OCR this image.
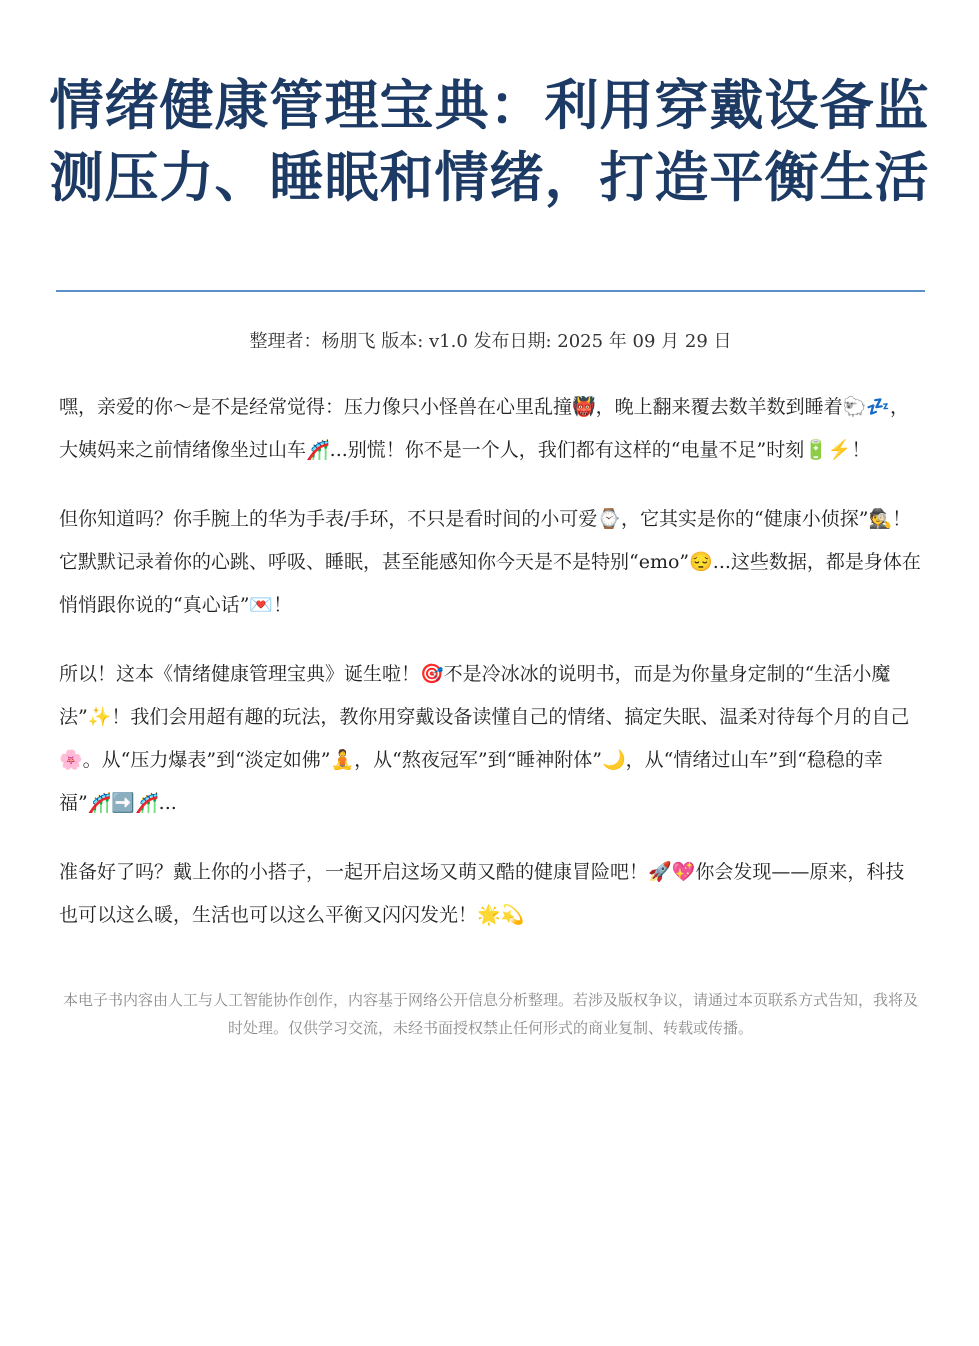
情绪健康管理宝典：利用穿戴设备监测压力、睡眠和情绪，打造平衡生活
整理者：杨朋飞 版本: v1.0 发布日期: 2025 年 09 月 29 日

嘿，亲爱的你～是不是经常觉得：压力像只小怪兽在心里乱撞👹，晚上翻来覆去数羊数到睡着🐑💤，大姨妈来之前情绪像坐过山车🎢...别慌！你不是一个人，我们都有这样的“电量不足”时刻🔋⚡！

但你知道吗？你手腕上的华为手表/手环，不只是看时间的小可爱⌚，它其实是你的“健康小侦探”🕵️！它默默记录着你的心跳、呼吸、睡眠，甚至能感知你今天是不是特别“emo”😔...这些数据，都是身体在悄悄跟你说的“真心话”💌！

所以！这本《情绪健康管理宝典》诞生啦！🎯不是冷冰冰的说明书，而是为你量身定制的“生活小魔法”✨！我们会用超有趣的玩法，教你用穿戴设备读懂自己的情绪、搞定失眠、温柔对待每个月的自己🌸。从“压力爆表”到“淡定如佛”🧘，从“熬夜冠军”到“睡神附体”🌙，从“情绪过山车”到“稳稳的幸福”🎢➡️🎢...

准备好了吗？戴上你的小搭子，一起开启这场又萌又酷的健康冒险吧！🚀💖你会发现——原来，科技也可以这么暖，生活也可以这么平衡又闪闪发光！🌟💫

本电子书内容由人工与人工智能协作创作，内容基于网络公开信息分析整理。若涉及版权争议，请通过本页联系方式告知，我将及时处理。仅供学习交流，未经书面授权禁止任何形式的商业复制、转载或传播。
